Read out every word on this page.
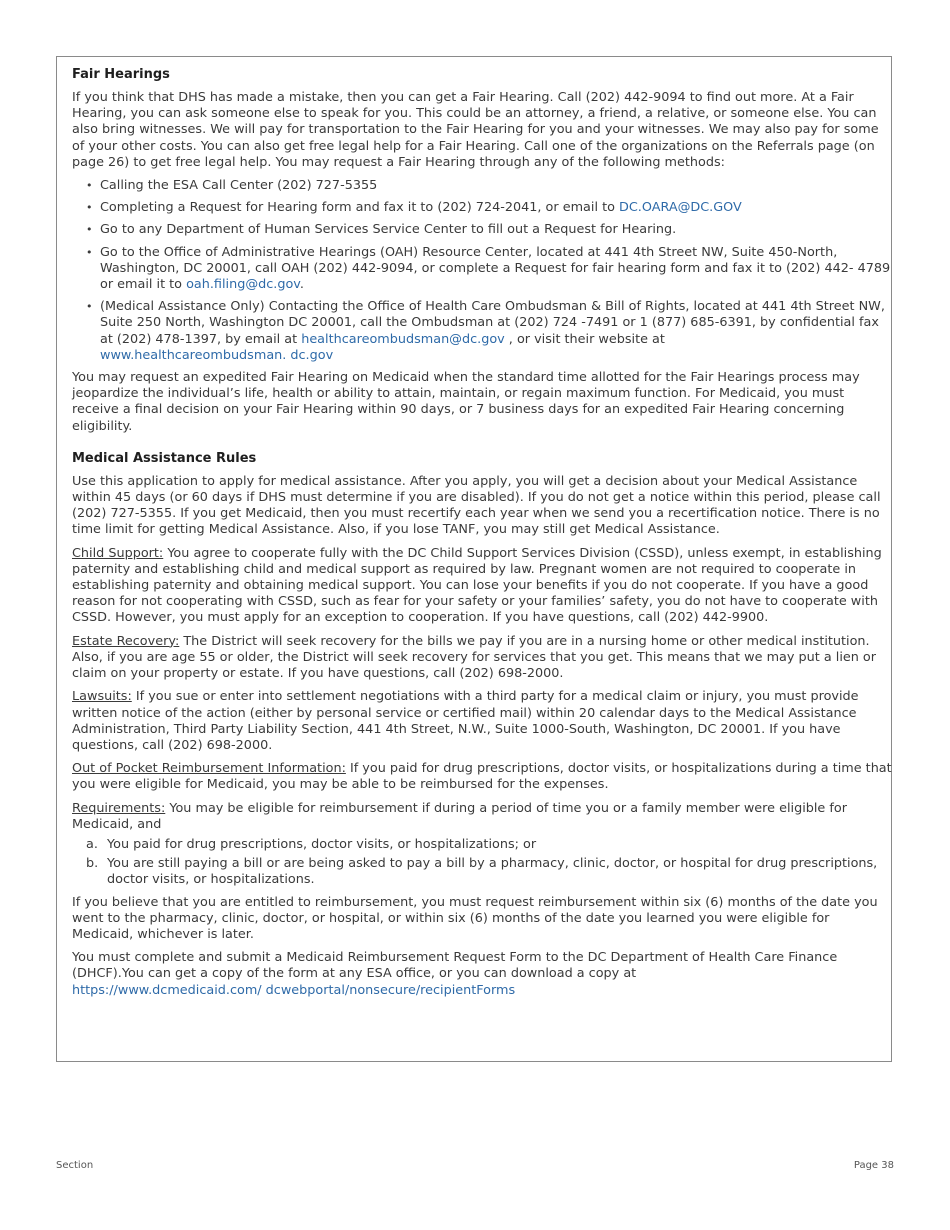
Fair Hearings

If you think that DHS has made a mistake, then you can get a Fair Hearing. Call (202) 442-9094 to find out more. At a Fair Hearing, you can ask someone else to speak for you. This could be an attorney, a friend, a relative, or someone else. You can also bring witnesses. We will pay for transportation to the Fair Hearing for you and your witnesses. We may also pay for some of your other costs. You can also get free legal help for a Fair Hearing. Call one of the organizations on the Referrals page (on page 26) to get free legal help. You may request a Fair Hearing through any of the following methods:

• Calling the ESA Call Center (202) 727-5355
• Completing a Request for Hearing form and fax it to (202) 724-2041, or email to DC.OARA@DC.GOV
• Go to any Department of Human Services Service Center to fill out a Request for Hearing.
• Go to the Office of Administrative Hearings (OAH) Resource Center, located at 441 4th Street NW, Suite 450-North, Washington, DC 20001, call OAH (202) 442-9094, or complete a Request for fair hearing form and fax it to (202) 442- 4789 or email it to oah.filing@dc.gov.
• (Medical Assistance Only) Contacting the Office of Health Care Ombudsman & Bill of Rights, located at 441 4th Street NW, Suite 250 North, Washington DC 20001, call the Ombudsman at (202) 724 -7491 or 1 (877) 685-6391, by confidential fax at (202) 478-1397, by email at healthcareombudsman@dc.gov , or visit their website at
www.healthcareombudsman. dc.gov

You may request an expedited Fair Hearing on Medicaid when the standard time allotted for the Fair Hearings process may jeopardize the individual’s life, health or ability to attain, maintain, or regain maximum function. For Medicaid, you must receive a final decision on your Fair Hearing within 90 days, or 7 business days for an expedited Fair Hearing concerning eligibility.

Medical Assistance Rules

Use this application to apply for medical assistance. After you apply, you will get a decision about your Medical Assistance within 45 days (or 60 days if DHS must determine if you are disabled). If you do not get a notice within this period, please call (202) 727-5355. If you get Medicaid, then you must recertify each year when we send you a recertification notice. There is no time limit for getting Medical Assistance. Also, if you lose TANF, you may still get Medical Assistance.

Child Support: You agree to cooperate fully with the DC Child Support Services Division (CSSD), unless exempt, in establishing paternity and establishing child and medical support as required by law. Pregnant women are not required to cooperate in establishing paternity and obtaining medical support. You can lose your benefits if you do not cooperate. If you have a good reason for not cooperating with CSSD, such as fear for your safety or your families’ safety, you do not have to cooperate with CSSD. However, you must apply for an exception to cooperation. If you have questions, call (202) 442-9900.

Estate Recovery: The District will seek recovery for the bills we pay if you are in a nursing home or other medical institution. Also, if you are age 55 or older, the District will seek recovery for services that you get. This means that we may put a lien or claim on your property or estate. If you have questions, call (202) 698-2000.

Lawsuits: If you sue or enter into settlement negotiations with a third party for a medical claim or injury, you must provide written notice of the action (either by personal service or certified mail) within 20 calendar days to the Medical Assistance Administration, Third Party Liability Section, 441 4th Street, N.W., Suite 1000-South, Washington, DC 20001. If you have questions, call (202) 698-2000.

Out of Pocket Reimbursement Information: If you paid for drug prescriptions, doctor visits, or hospitalizations during a time that you were eligible for Medicaid, you may be able to be reimbursed for the expenses.

Requirements: You may be eligible for reimbursement if during a period of time you or a family member were eligible for Medicaid, and

a. You paid for drug prescriptions, doctor visits, or hospitalizations; or
b. You are still paying a bill or are being asked to pay a bill by a pharmacy, clinic, doctor, or hospital for drug prescriptions, doctor visits, or hospitalizations.

If you believe that you are entitled to reimbursement, you must request reimbursement within six (6) months of the date you went to the pharmacy, clinic, doctor, or hospital, or within six (6) months of the date you learned you were eligible for Medicaid, whichever is later.

You must complete and submit a Medicaid Reimbursement Request Form to the DC Department of Health Care Finance (DHCF).You can get a copy of the form at any ESA office, or you can download a copy at
https://www.dcmedicaid.com/ dcwebportal/nonsecure/recipientForms

Section	Page 38
